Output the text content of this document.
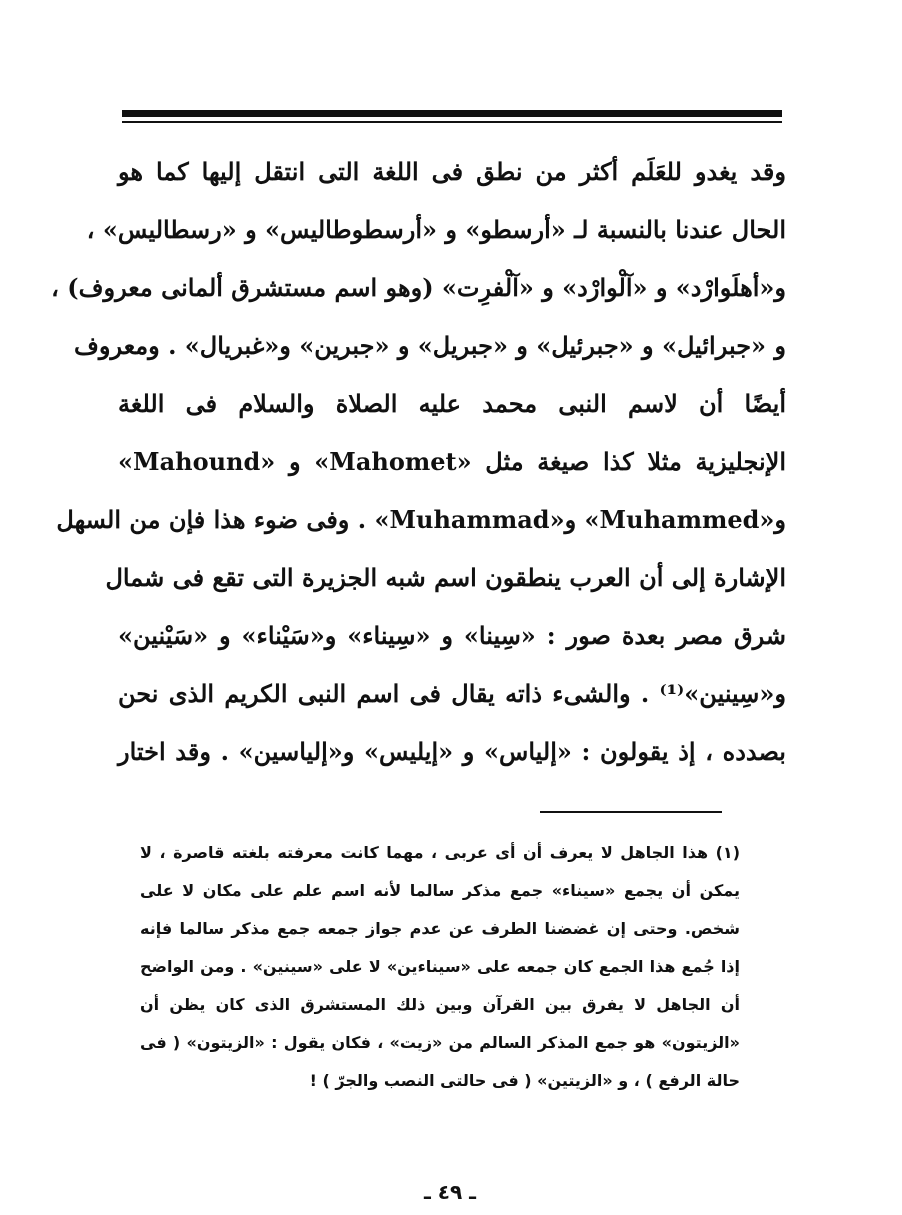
وقد يغدو للعَلَم أكثر من نطق فى اللغة التى انتقل إليها كما هو
الحال عندنا بالنسبة لـ «أرسطو» و «أرسطوطاليس» و «رسطاليس» ،
و«أهلَوارْد» و «آلْوارْد» و «آلْفرِت» (وهو اسم مستشرق ألمانى معروف) ،
و «جبرائيل» و «جبرئيل» و «جبريل» و «جبرين» و«غبريال» . ومعروف
أيضًا أن لاسم النبى محمد عليه الصلاة والسلام فى اللغة
الإنجليزية مثلا كذا صيغة مثل «Mahomet» و «Mahound»
و«Muhammed» و«Muhammad» . وفى ضوء هذا فإن من السهل
الإشارة إلى أن العرب ينطقون اسم شبه الجزيرة التى تقع فى شمال
شرق مصر بعدة صور : «سِينا» و «سِيناء» و«سَيْناء» و «سَيْنين»
و«سِينين»⁽¹⁾ . والشىء ذاته يقال فى اسم النبى الكريم الذى نحن
بصدده ، إذ يقولون : «إلياس» و «إيليس» و«إلياسين» . وقد اختار
(١) هذا الجاهل لا يعرف أن أى عربى ، مهما كانت معرفته بلغته قاصرة ، لا
يمكن أن يجمع «سيناء» جمع مذكر سالما لأنه اسم علم على مكان لا على
شخص. وحتى إن غضضنا الطرف عن عدم جواز جمعه جمع مذكر سالما فإنه
إذا جُمع هذا الجمع كان جمعه على «سيناءين» لا على «سينين» . ومن الواضح
أن الجاهل لا يفرق بين القرآن وبين ذلك المستشرق الذى كان يظن أن
«الزيتون» هو جمع المذكر السالم من «زيت» ، فكان يقول : «الزيتون» ( فى
حالة الرفع ) ، و «الزيتين» ( فى حالتى النصب والجرّ ) !
ـ ٤٩ ـ
